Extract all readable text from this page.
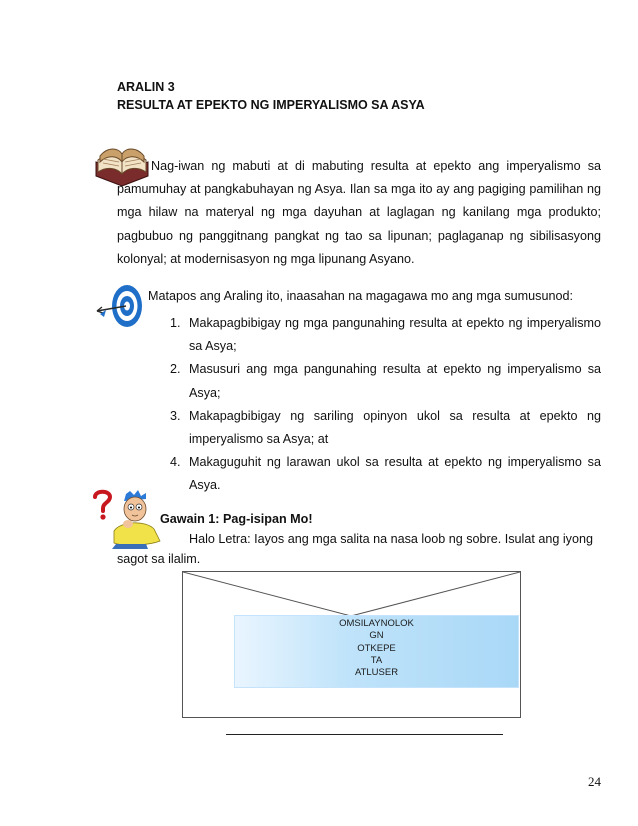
ARALIN 3
RESULTA AT EPEKTO NG IMPERYALISMO SA ASYA
Nag-iwan ng mabuti at di mabuting resulta at epekto ang imperyalismo sa
pamumuhay at pangkabuhayan ng Asya. Ilan sa mga ito ay ang pagiging pamilihan ng
mga hilaw na materyal ng mga dayuhan at laglagan ng kanilang mga produkto;
pagbubuo ng panggitnang pangkat ng tao sa lipunan; paglaganap ng sibilisasyong
kolonyal; at modernisasyon ng mga lipunang Asyano.
Matapos ang Araling ito, inaasahan na magagawa mo ang mga sumusunod:
1. Makapagbibigay ng mga pangunahing resulta at epekto ng imperyalismo
sa Asya;
2. Masusuri ang mga pangunahing resulta at epekto ng imperyalismo sa
Asya;
3. Makapagbibigay ng sariling opinyon ukol sa resulta at epekto ng
imperyalismo sa Asya; at
4. Makaguguhit ng larawan ukol sa resulta at epekto ng imperyalismo sa
Asya.
Gawain 1: Pag-isipan Mo!
Halo Letra: Iayos ang mga salita na nasa loob ng sobre. Isulat ang iyong
sagot sa ilalim.
OMSILAYNOLOK
GN
OTKEPE
TA
ATLUSER
24
